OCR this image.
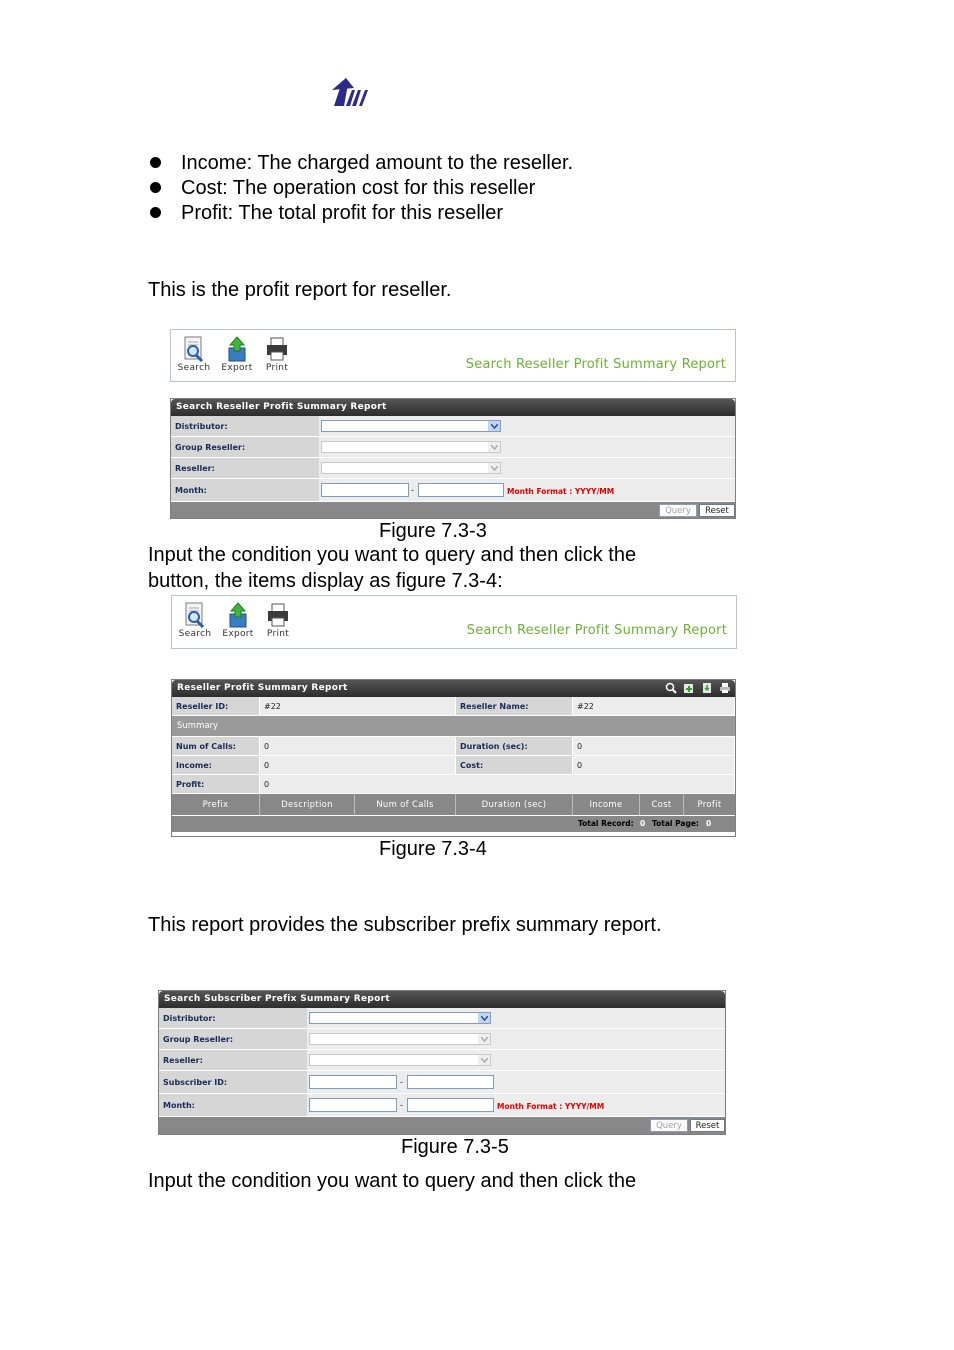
Income: The charged amount to the reseller.
Cost: The operation cost for this reseller
Profit: The total profit for this reseller
This is the profit report for reseller.
Search	Export	Print	Search Reseller Profit Summary Report
Search Reseller Profit Summary Report
Distributor:
Group Reseller:
Reseller:
Month:	-	Month Format : YYYY/MM
Query	Reset
Figure 7.3-3
Input the condition you want to query and then click the
button, the items display as figure 7.3-4:
Search	Export	Print	Search Reseller Profit Summary Report
Reseller Profit Summary Report
Reseller ID:	#22	Reseller Name:	#22
Summary
Num of Calls:	0	Duration (sec):	0
Income:	0	Cost:	0
Profit:	0
Prefix	Description	Num of Calls	Duration (sec)	Income	Cost	Profit
Total Record: 0 Total Page: 0
Figure 7.3-4
This report provides the subscriber prefix summary report.
Search Subscriber Prefix Summary Report
Distributor:
Group Reseller:
Reseller:
Subscriber ID:	-
Month:	-	Month Format : YYYY/MM
Query	Reset
Figure 7.3-5
Input the condition you want to query and then click the
